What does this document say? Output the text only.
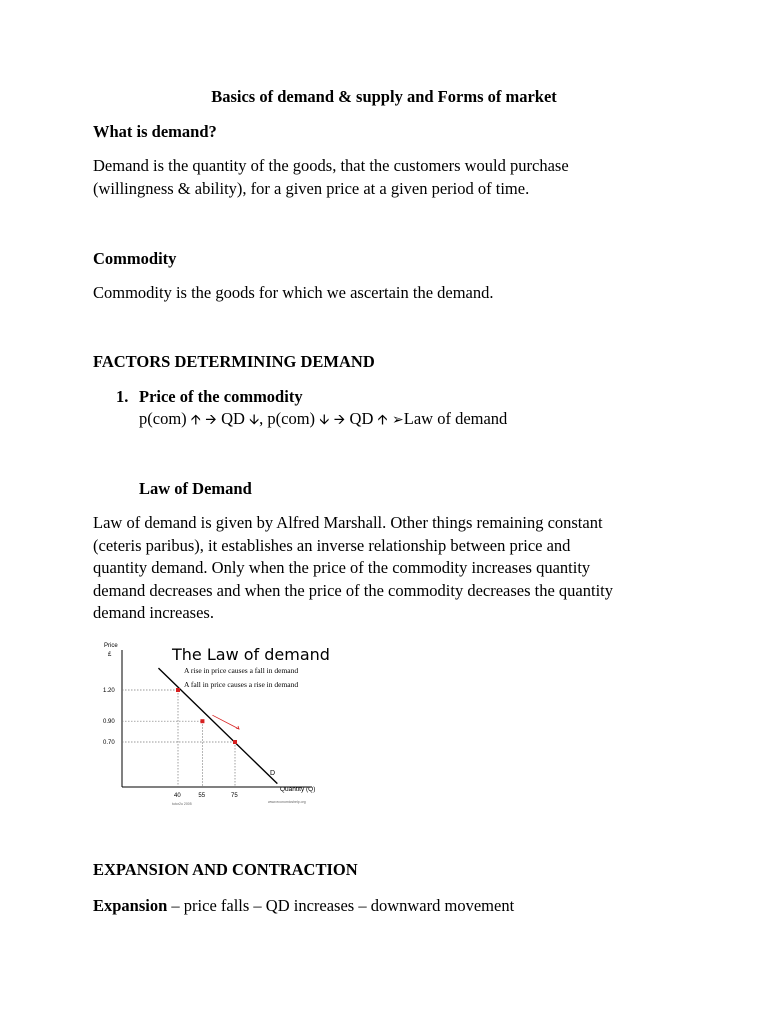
Basics of demand & supply and Forms of market

What is demand?

Demand is the quantity of the goods, that the customers would purchase

(willingness & ability), for a given price at a given period of time.

Commodity

Commodity is the goods for which we ascertain the demand.

FACTORS DETERMINING DEMAND

1. Price of the commodity

p(com) 🡩 🡪 QD 🡫, p(com) 🡫 🡪 QD 🡩 ➢Law of demand

Law of Demand

Law of demand is given by Alfred Marshall. Other things remaining constant

(ceteris paribus), it establishes an inverse relationship between price and

quantity demand. Only when the price of the commodity increases quantity

demand decreases and when the price of the commodity decreases the quantity

demand increases.

Price
£
Quantity (Q)
The Law of demand
A rise in price causes a fall in demand
A fall in price causes a rise in demand
D
www.economicshelp.org
tutor2u 2005
1.20
40
0.90
55
0.70
75

EXPANSION AND CONTRACTION

Expansion – price falls – QD increases – downward movement
